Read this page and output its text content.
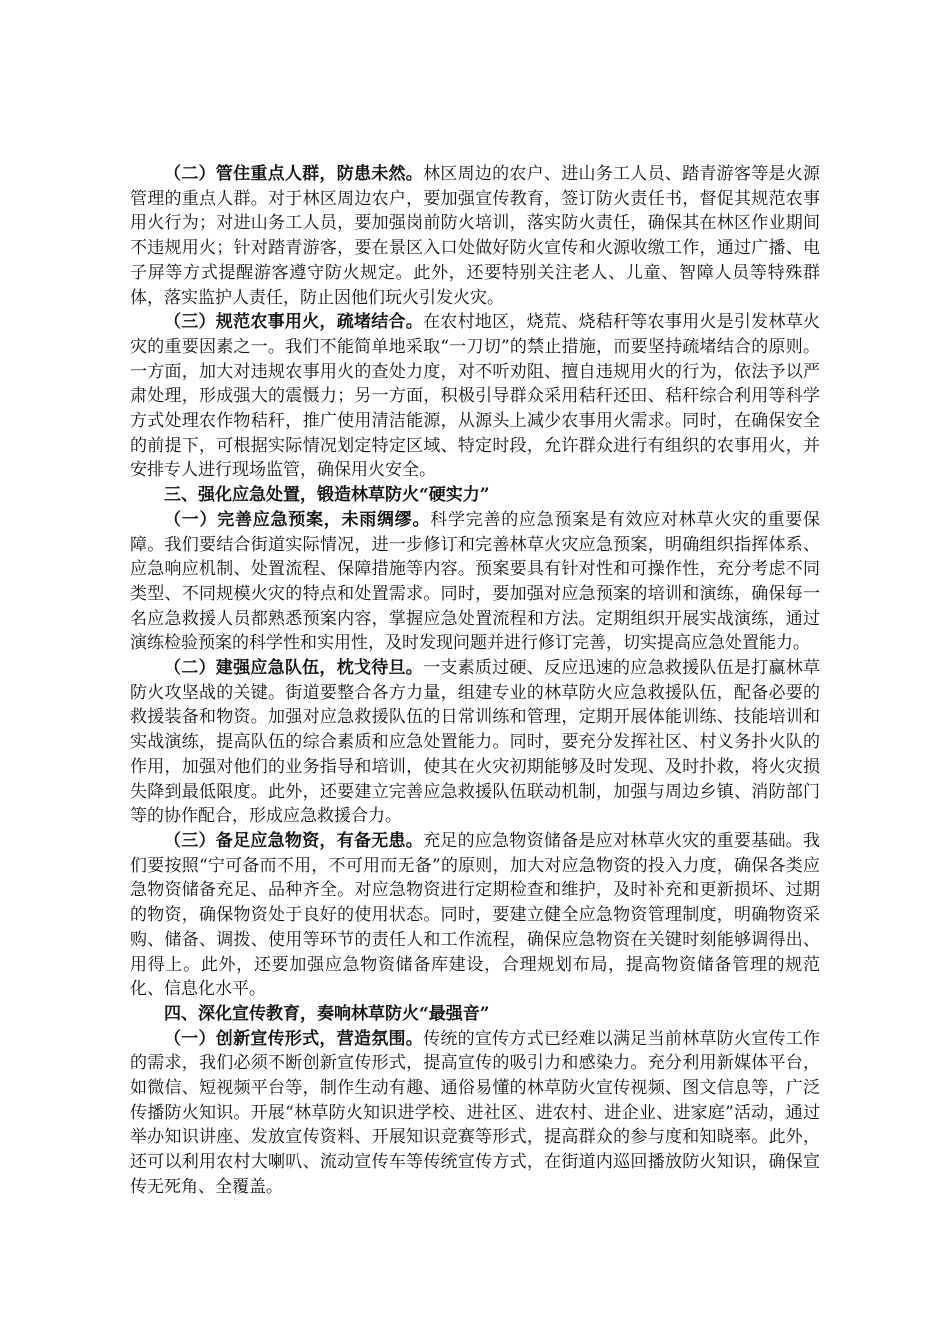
（二）管住重点人群，防患未然。林区周边的农户、进山务工人员、踏青游客等是火源管理的重点人群。对于林区周边农户，要加强宣传教育，签订防火责任书，督促其规范农事用火行为；对进山务工人员，要加强岗前防火培训，落实防火责任，确保其在林区作业期间不违规用火；针对踏青游客，要在景区入口处做好防火宣传和火源收缴工作，通过广播、电子屏等方式提醒游客遵守防火规定。此外，还要特别关注老人、儿童、智障人员等特殊群体，落实监护人责任，防止因他们玩火引发火灾。

（三）规范农事用火，疏堵结合。在农村地区，烧荒、烧秸秆等农事用火是引发林草火灾的重要因素之一。我们不能简单地采取“一刀切”的禁止措施，而要坚持疏堵结合的原则。一方面，加大对违规农事用火的查处力度，对不听劝阻、擅自违规用火的行为，依法予以严肃处理，形成强大的震慑力；另一方面，积极引导群众采用秸秆还田、秸秆综合利用等科学方式处理农作物秸秆，推广使用清洁能源，从源头上减少农事用火需求。同时，在确保安全的前提下，可根据实际情况划定特定区域、特定时段，允许群众进行有组织的农事用火，并安排专人进行现场监管，确保用火安全。

三、强化应急处置，锻造林草防火“硬实力”

（一）完善应急预案，未雨绸缪。科学完善的应急预案是有效应对林草火灾的重要保障。我们要结合街道实际情况，进一步修订和完善林草火灾应急预案，明确组织指挥体系、应急响应机制、处置流程、保障措施等内容。预案要具有针对性和可操作性，充分考虑不同类型、不同规模火灾的特点和处置需求。同时，要加强对应急预案的培训和演练，确保每一名应急救援人员都熟悉预案内容，掌握应急处置流程和方法。定期组织开展实战演练，通过演练检验预案的科学性和实用性，及时发现问题并进行修订完善，切实提高应急处置能力。

（二）建强应急队伍，枕戈待旦。一支素质过硬、反应迅速的应急救援队伍是打赢林草防火攻坚战的关键。街道要整合各方力量，组建专业的林草防火应急救援队伍，配备必要的救援装备和物资。加强对应急救援队伍的日常训练和管理，定期开展体能训练、技能培训和实战演练，提高队伍的综合素质和应急处置能力。同时，要充分发挥社区、村义务扑火队的作用，加强对他们的业务指导和培训，使其在火灾初期能够及时发现、及时扑救，将火灾损失降到最低限度。此外，还要建立完善应急救援队伍联动机制，加强与周边乡镇、消防部门等的协作配合，形成应急救援合力。

（三）备足应急物资，有备无患。充足的应急物资储备是应对林草火灾的重要基础。我们要按照“宁可备而不用，不可用而无备”的原则，加大对应急物资的投入力度，确保各类应急物资储备充足、品种齐全。对应急物资进行定期检查和维护，及时补充和更新损坏、过期的物资，确保物资处于良好的使用状态。同时，要建立健全应急物资管理制度，明确物资采购、储备、调拨、使用等环节的责任人和工作流程，确保应急物资在关键时刻能够调得出、用得上。此外，还要加强应急物资储备库建设，合理规划布局，提高物资储备管理的规范化、信息化水平。

四、深化宣传教育，奏响林草防火“最强音”

（一）创新宣传形式，营造氛围。传统的宣传方式已经难以满足当前林草防火宣传工作的需求，我们必须不断创新宣传形式，提高宣传的吸引力和感染力。充分利用新媒体平台，如微信、短视频平台等，制作生动有趣、通俗易懂的林草防火宣传视频、图文信息等，广泛传播防火知识。开展“林草防火知识进学校、进社区、进农村、进企业、进家庭”活动，通过举办知识讲座、发放宣传资料、开展知识竞赛等形式，提高群众的参与度和知晓率。此外，还可以利用农村大喇叭、流动宣传车等传统宣传方式，在街道内巡回播放防火知识，确保宣传无死角、全覆盖。
